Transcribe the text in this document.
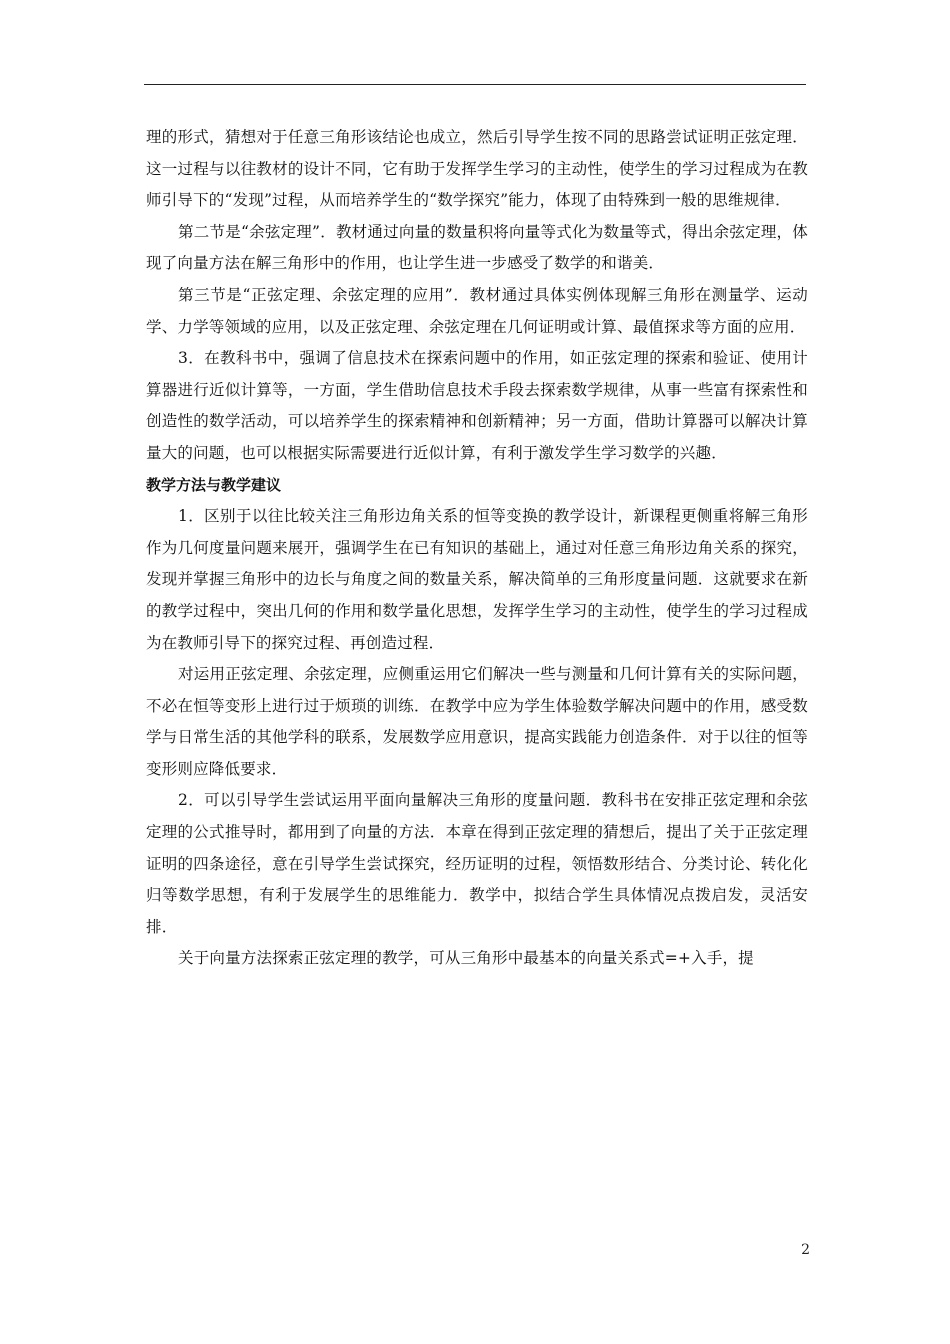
理的形式，猜想对于任意三角形该结论也成立，然后引导学生按不同的思路尝试证明正弦定理．这一过程与以往教材的设计不同，它有助于发挥学生学习的主动性，使学生的学习过程成为在教师引导下的“发现”过程，从而培养学生的“数学探究”能力，体现了由特殊到一般的思维规律．

第二节是“余弦定理”．教材通过向量的数量积将向量等式化为数量等式，得出余弦定理，体现了向量方法在解三角形中的作用，也让学生进一步感受了数学的和谐美．

第三节是“正弦定理、余弦定理的应用”．教材通过具体实例体现解三角形在测量学、运动学、力学等领域的应用，以及正弦定理、余弦定理在几何证明或计算、最值探求等方面的应用．

3．在教科书中，强调了信息技术在探索问题中的作用，如正弦定理的探索和验证、使用计算器进行近似计算等，一方面，学生借助信息技术手段去探索数学规律，从事一些富有探索性和创造性的数学活动，可以培养学生的探索精神和创新精神；另一方面，借助计算器可以解决计算量大的问题，也可以根据实际需要进行近似计算，有利于激发学生学习数学的兴趣．

教学方法与教学建议

1．区别于以往比较关注三角形边角关系的恒等变换的教学设计，新课程更侧重将解三角形作为几何度量问题来展开，强调学生在已有知识的基础上，通过对任意三角形边角关系的探究，发现并掌握三角形中的边长与角度之间的数量关系，解决简单的三角形度量问题．这就要求在新的教学过程中，突出几何的作用和数学量化思想，发挥学生学习的主动性，使学生的学习过程成为在教师引导下的探究过程、再创造过程．

对运用正弦定理、余弦定理，应侧重运用它们解决一些与测量和几何计算有关的实际问题，不必在恒等变形上进行过于烦琐的训练．在教学中应为学生体验数学解决问题中的作用，感受数学与日常生活的其他学科的联系，发展数学应用意识，提高实践能力创造条件．对于以往的恒等变形则应降低要求．

2．可以引导学生尝试运用平面向量解决三角形的度量问题．教科书在安排正弦定理和余弦定理的公式推导时，都用到了向量的方法．本章在得到正弦定理的猜想后，提出了关于正弦定理证明的四条途径，意在引导学生尝试探究，经历证明的过程，领悟数形结合、分类讨论、转化化归等数学思想，有利于发展学生的思维能力．教学中，拟结合学生具体情况点拨启发，灵活安排．

关于向量方法探索正弦定理的教学，可从三角形中最基本的向量关系式=+入手，提

2
